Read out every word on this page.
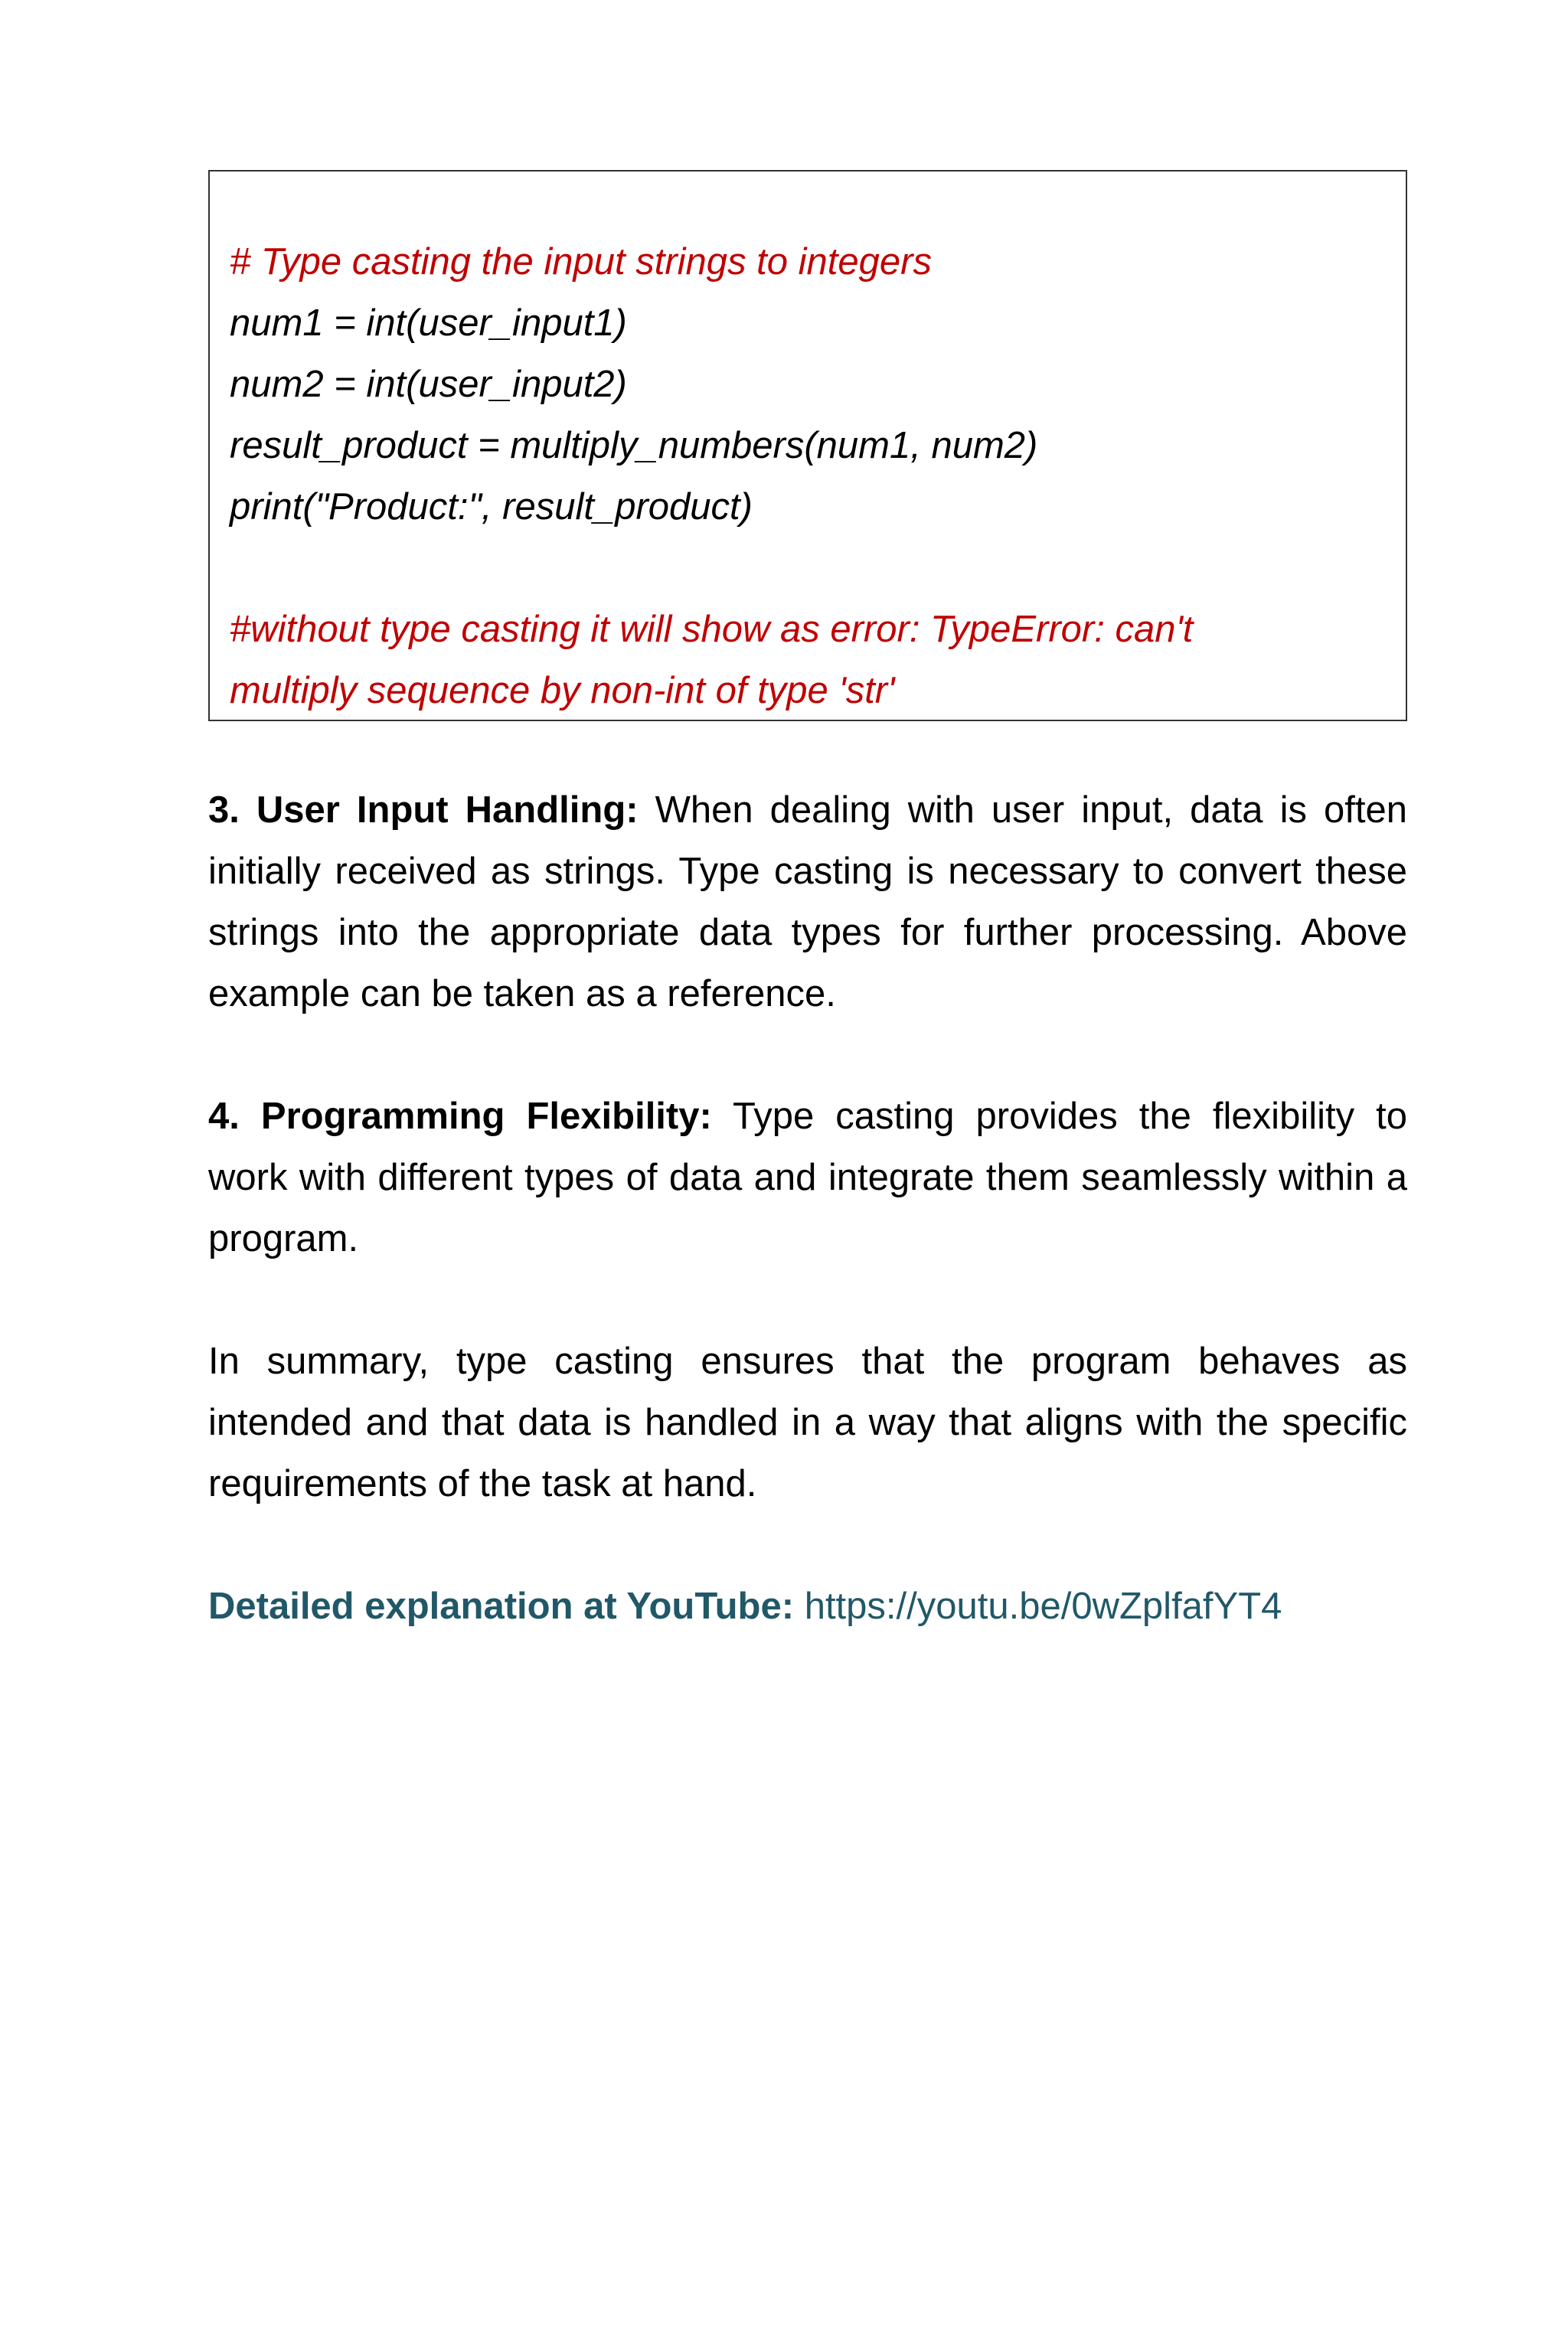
# Type casting the input strings to integers
num1 = int(user_input1)
num2 = int(user_input2)
result_product = multiply_numbers(num1, num2)
print("Product:", result_product)
#without type casting it will show as error: TypeError: can't
multiply sequence by non-int of type 'str'

3. User Input Handling: When dealing with user input, data is often initially received as strings. Type casting is necessary to convert these strings into the appropriate data types for further processing. Above example can be taken as a reference.

4. Programming Flexibility: Type casting provides the flexibility to work with different types of data and integrate them seamlessly within a program.

In summary, type casting ensures that the program behaves as intended and that data is handled in a way that aligns with the specific requirements of the task at hand.

Detailed explanation at YouTube: https://youtu.be/0wZplfafYT4
